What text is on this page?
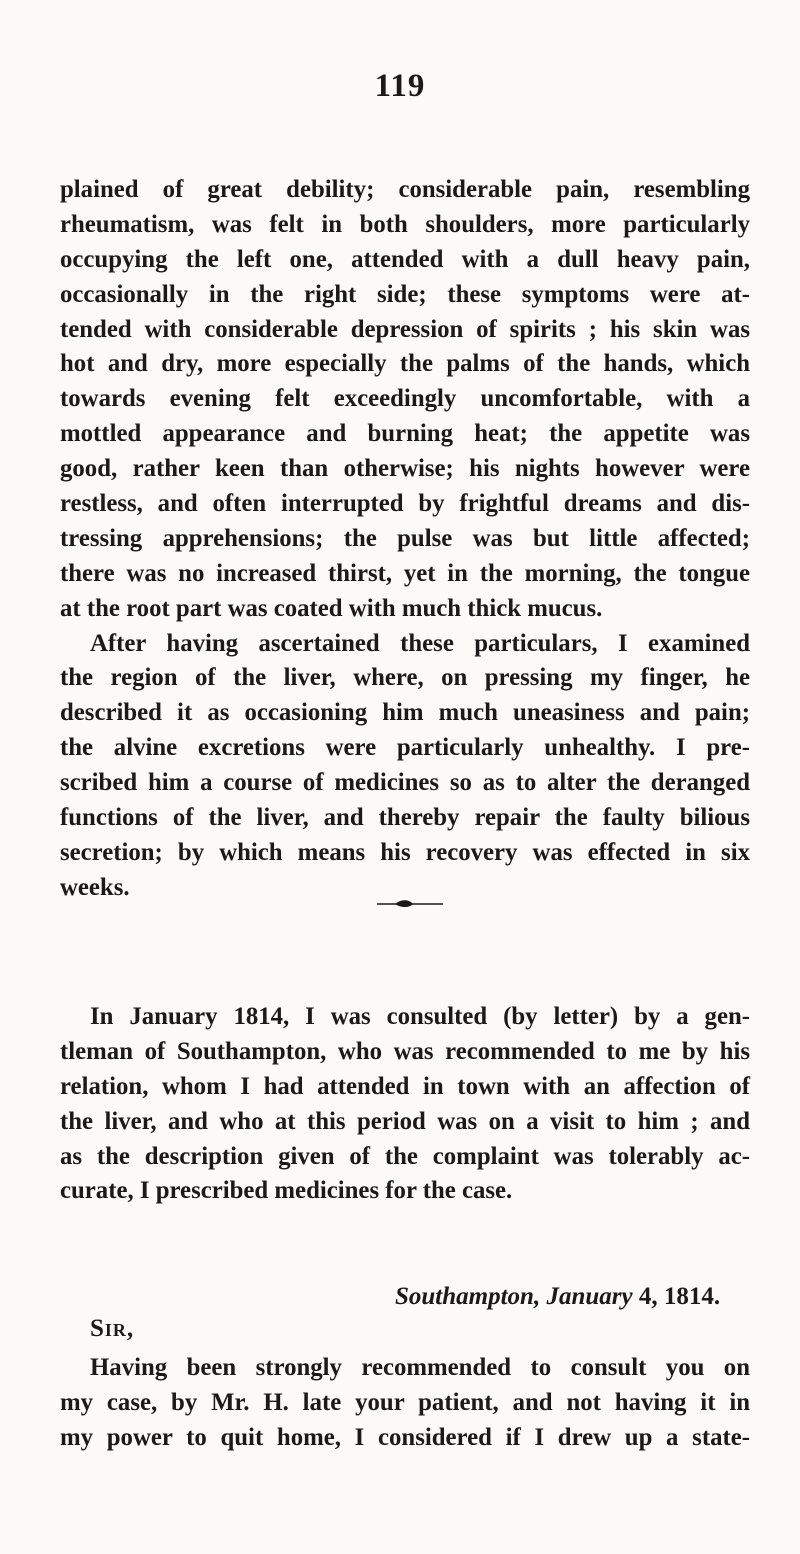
119

plained of great debility; considerable pain, resembling
rheumatism, was felt in both shoulders, more particularly
occupying the left one, attended with a dull heavy pain,
occasionally in the right side; these symptoms were at-
tended with considerable depression of spirits ; his skin was
hot and dry, more especially the palms of the hands, which
towards evening felt exceedingly uncomfortable, with a
mottled appearance and burning heat; the appetite was
good, rather keen than otherwise; his nights however were
restless, and often interrupted by frightful dreams and dis-
tressing apprehensions; the pulse was but little affected;
there was no increased thirst, yet in the morning, the tongue
at the root part was coated with much thick mucus.

After having ascertained these particulars, I examined
the region of the liver, where, on pressing my finger, he
described it as occasioning him much uneasiness and pain;
the alvine excretions were particularly unhealthy. I pre-
scribed him a course of medicines so as to alter the deranged
functions of the liver, and thereby repair the faulty bilious
secretion; by which means his recovery was effected in six
weeks.

In January 1814, I was consulted (by letter) by a gen-
tleman of Southampton, who was recommended to me by his
relation, whom I had attended in town with an affection of
the liver, and who at this period was on a visit to him ; and
as the description given of the complaint was tolerably ac-
curate, I prescribed medicines for the case.

Southampton, January 4, 1814.
Sir,

Having been strongly recommended to consult you on
my case, by Mr. H. late your patient, and not having it in
my power to quit home, I considered if I drew up a state-
